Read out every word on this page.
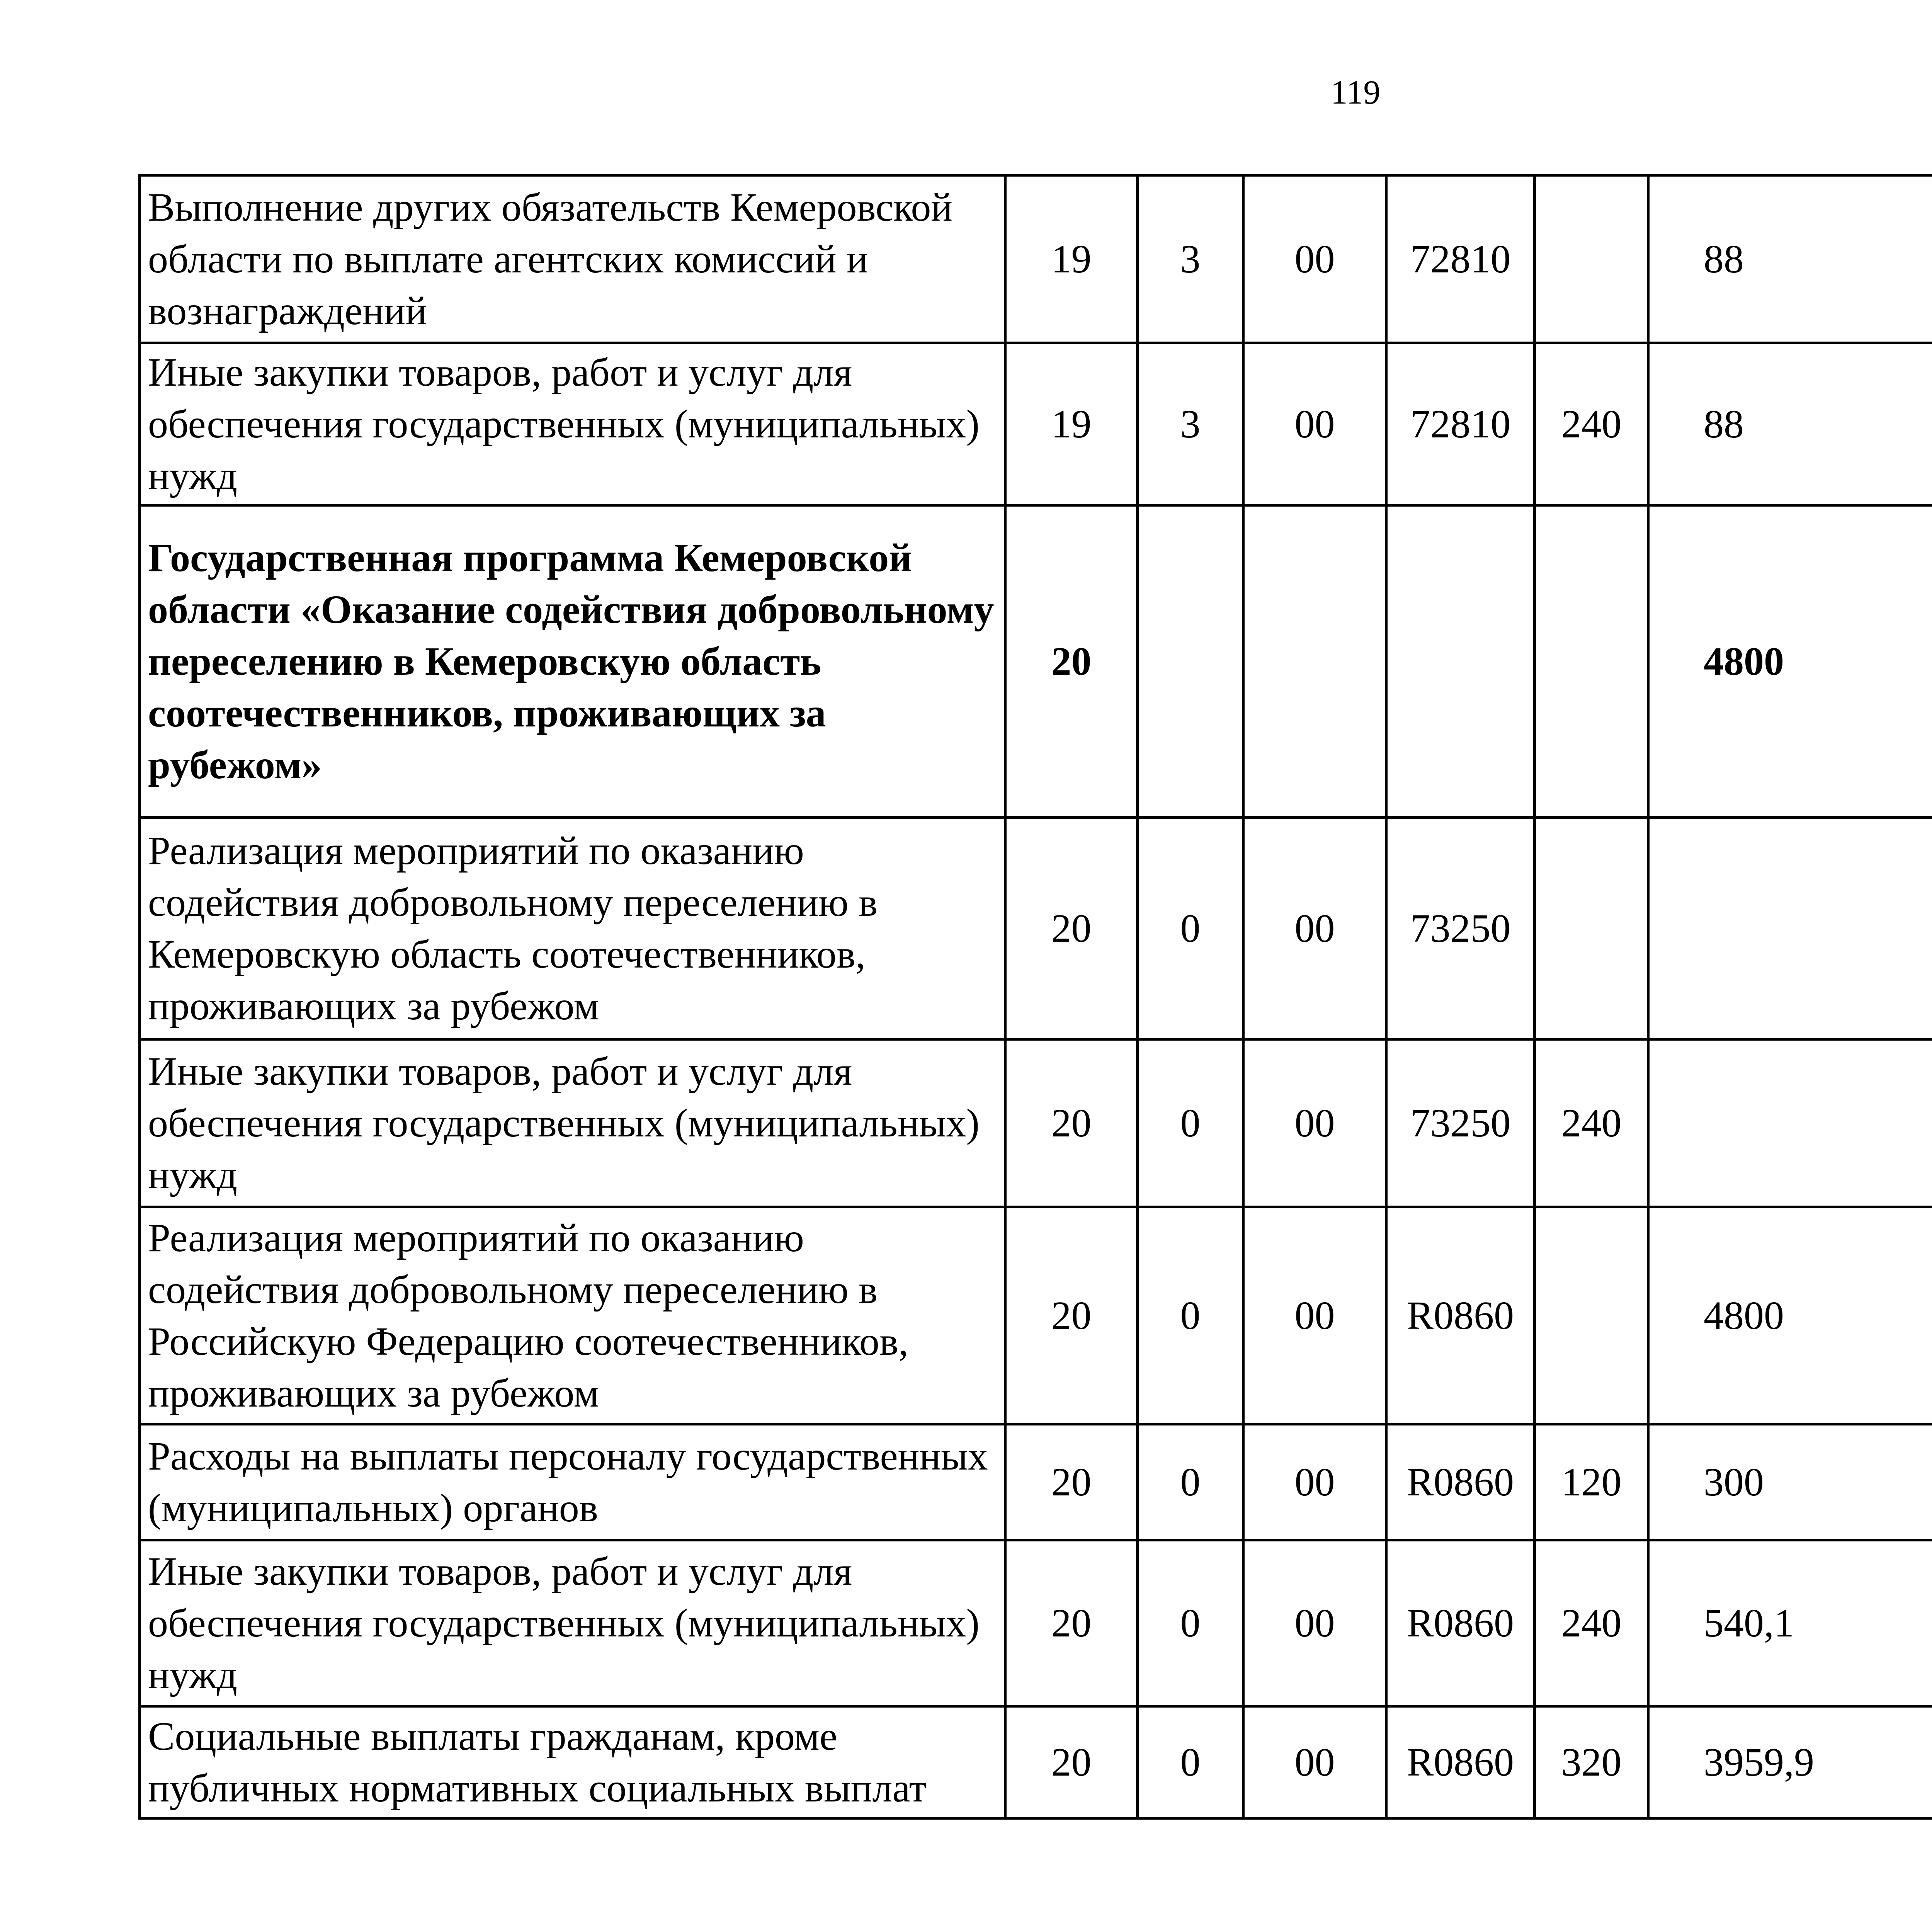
119
Выполнение других обязательств Кемеровской области по выплате агентских комиссий и вознаграждений	19	3	00	72810		88		
Иные закупки товаров, работ и услуг для обеспечения государственных (муниципальных) нужд	19	3	00	72810	240	88		
Государственная программа Кемеровской области «Оказание содействия добровольному переселению в Кемеровскую область соотечественников, проживающих за рубежом»	20					4800		
Реализация мероприятий по оказанию содействия добровольному переселению в Кемеровскую область соотечественников, проживающих за рубежом	20	0	00	73250				
Иные закупки товаров, работ и услуг для обеспечения государственных (муниципальных) нужд	20	0	00	73250	240			
Реализация мероприятий по оказанию содействия добровольному переселению в Российскую Федерацию соотечественников, проживающих за рубежом	20	0	00	R0860		4800		
Расходы на выплаты персоналу государственных (муниципальных) органов	20	0	00	R0860	120	300		
Иные закупки товаров, работ и услуг для обеспечения государственных (муниципальных) нужд	20	0	00	R0860	240	540,1		
Социальные выплаты гражданам, кроме публичных нормативных социальных выплат	20	0	00	R0860	320	3959,9		
